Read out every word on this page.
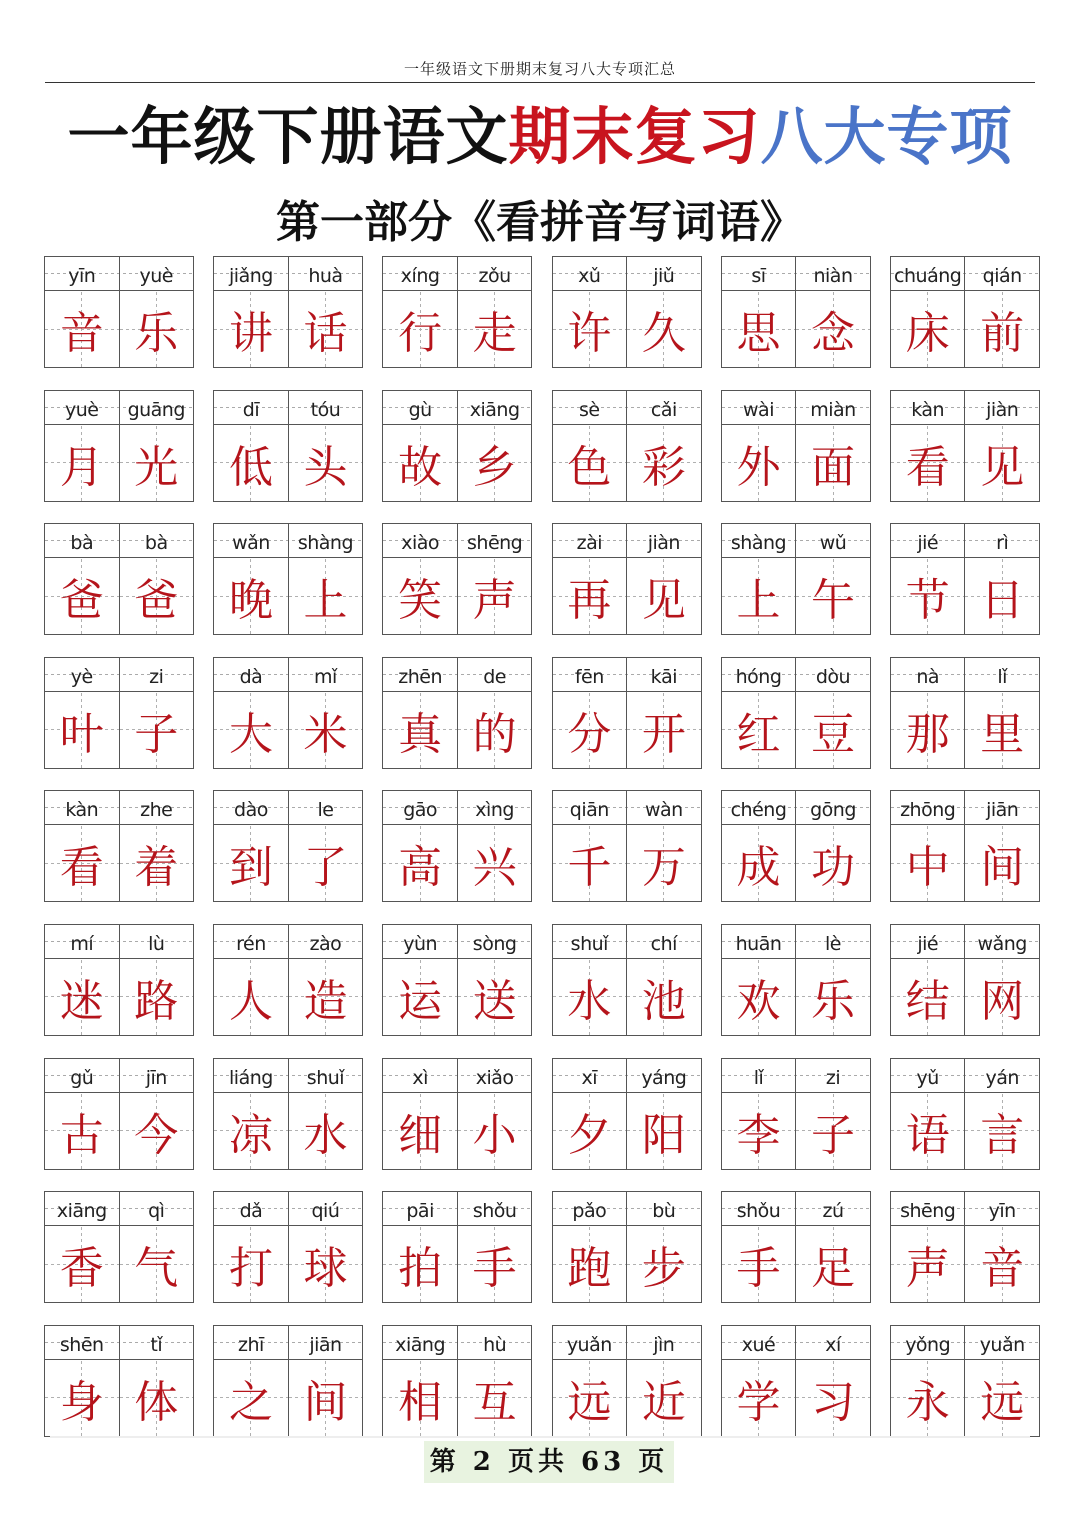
一年级语文下册期末复习八大专项汇总
一年级下册语文期末复习八大专项
第一部分《看拼音写词语》
yīn	yuè
音 乐
jiǎng	huà
讲 话
xíng	zǒu
行 走
xǔ	jiǔ
许 久
sī	niàn
思 念
chuáng	qián
床 前
yuè	guāng
月 光
dī	tóu
低 头
gù	xiāng
故 乡
sè	cǎi
色 彩
wài	miàn
外 面
kàn	jiàn
看 见
bà	bà
爸 爸
wǎn	shàng
晚 上
xiào	shēng
笑 声
zài	jiàn
再 见
shàng	wǔ
上 午
jié	rì
节 日
yè	zi
叶 子
dà	mǐ
大 米
zhēn	de
真 的
fēn	kāi
分 开
hóng	dòu
红 豆
nà	lǐ
那 里
kàn	zhe
看 着
dào	le
到 了
gāo	xìng
高 兴
qiān	wàn
千 万
chéng	gōng
成 功
zhōng	jiān
中 间
mí	lù
迷 路
rén	zào
人 造
yùn	sòng
运 送
shuǐ	chí
水 池
huān	lè
欢 乐
jié	wǎng
结 网
gǔ	jīn
古 今
liáng	shuǐ
凉 水
xì	xiǎo
细 小
xī	yáng
夕 阳
lǐ	zi
李 子
yǔ	yán
语 言
xiāng	qì
香 气
dǎ	qiú
打 球
pāi	shǒu
拍 手
pǎo	bù
跑 步
shǒu	zú
手 足
shēng	yīn
声 音
shēn	tǐ
身 体
zhī	jiān
之 间
xiāng	hù
相 互
yuǎn	jìn
远 近
xué	xí
学 习
yǒng	yuǎn
永 远
第 2 页共 63 页
